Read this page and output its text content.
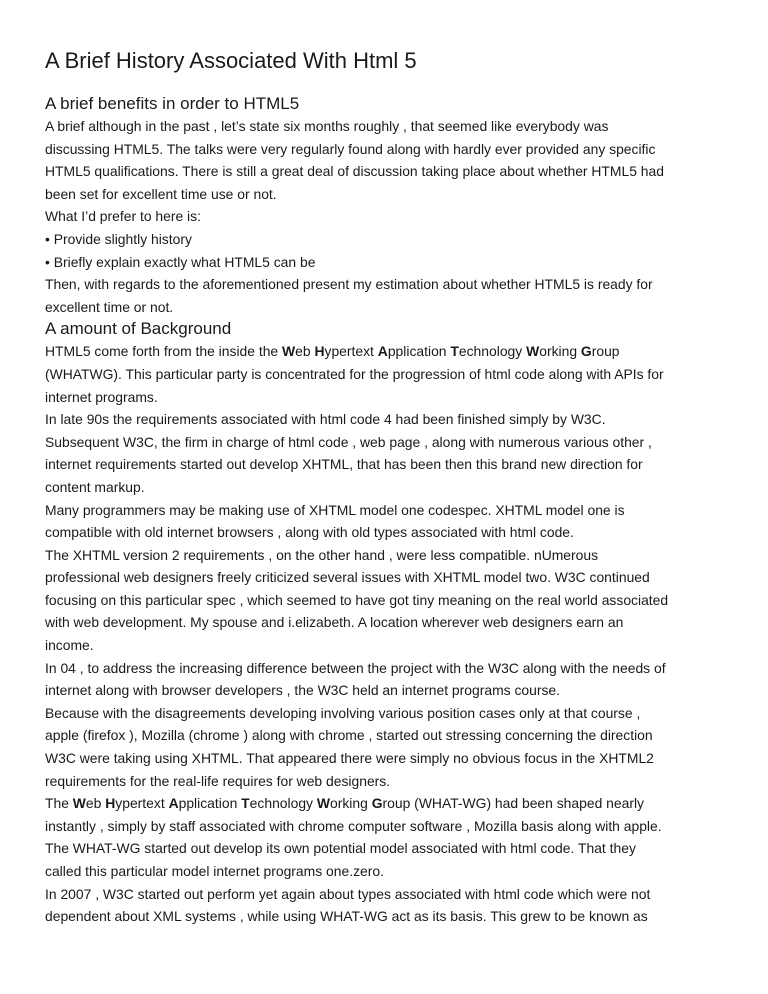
A Brief History Associated With Html 5
A brief benefits in order to HTML5
A brief although in the past , let’s state six months roughly , that seemed like everybody was
discussing HTML5. The talks were very regularly found along with hardly ever provided any specific
HTML5 qualifications. There is still a great deal of discussion taking place about whether HTML5 had
been set for excellent time use or not.
What I’d prefer to here is:
• Provide slightly history
• Briefly explain exactly what HTML5 can be
Then, with regards to the aforementioned present my estimation about whether HTML5 is ready for
excellent time or not.
A amount of Background
HTML5 come forth from the inside the Web Hypertext Application Technology Working Group
(WHATWG). This particular party is concentrated for the progression of html code along with APIs for
internet programs.
In late 90s the requirements associated with html code 4 had been finished simply by W3C.
Subsequent W3C, the firm in charge of html code , web page , along with numerous various other ,
internet requirements started out develop XHTML, that has been then this brand new direction for
content markup.
Many programmers may be making use of XHTML model one codespec. XHTML model one is
compatible with old internet browsers , along with old types associated with html code.
The XHTML version 2 requirements , on the other hand , were less compatible. nUmerous
professional web designers freely criticized several issues with XHTML model two. W3C continued
focusing on this particular spec , which seemed to have got tiny meaning on the real world associated
with web development. My spouse and i.elizabeth. A location wherever web designers earn an
income.
In 04 , to address the increasing difference between the project with the W3C along with the needs of
internet along with browser developers , the W3C held an internet programs course.
Because with the disagreements developing involving various position cases only at that course ,
apple (firefox ), Mozilla (chrome ) along with chrome , started out stressing concerning the direction
W3C were taking using XHTML. That appeared there were simply no obvious focus in the XHTML2
requirements for the real-life requires for web designers.
The Web Hypertext Application Technology Working Group (WHAT-WG) had been shaped nearly
instantly , simply by staff associated with chrome computer software , Mozilla basis along with apple.
The WHAT-WG started out develop its own potential model associated with html code. That they
called this particular model internet programs one.zero.
In 2007 , W3C started out perform yet again about types associated with html code which were not
dependent about XML systems , while using WHAT-WG act as its basis. This grew to be known as
